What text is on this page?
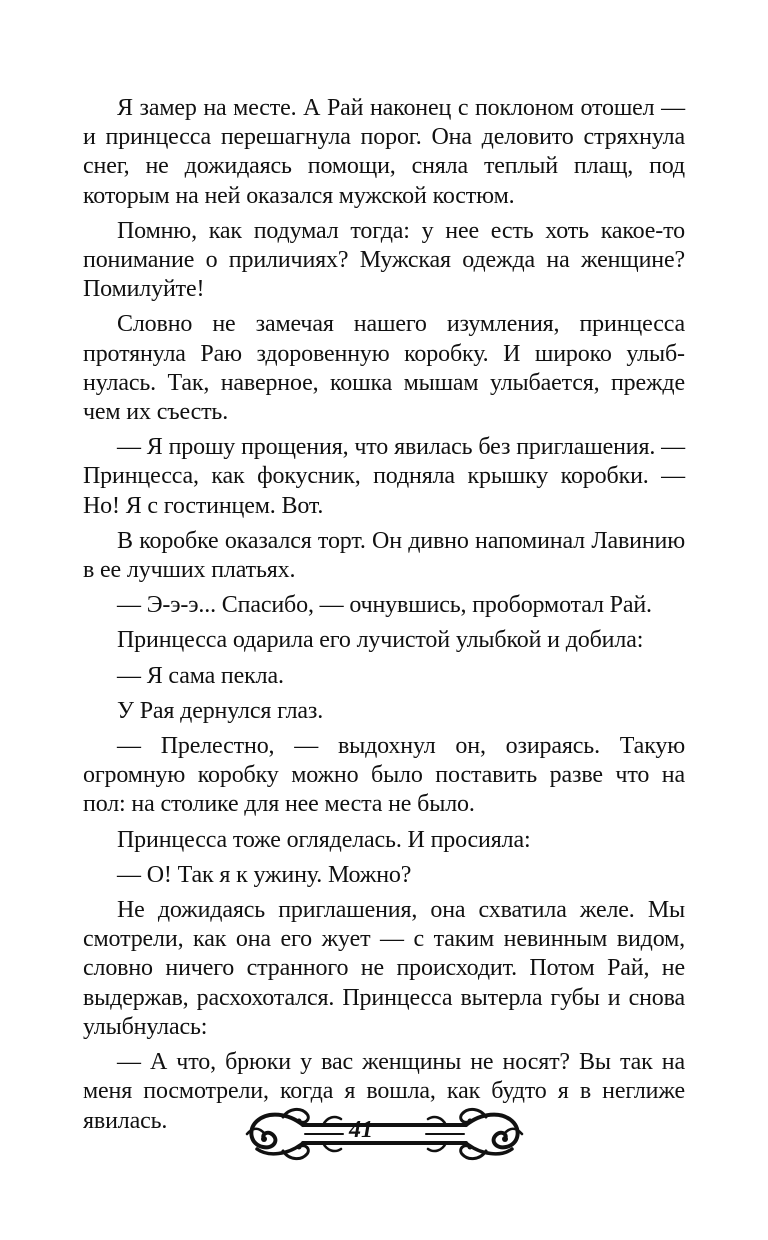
Я замер на месте. А Рай наконец с поклоном отошел — и принцесса перешагнула порог. Она деловито стряхнула снег, не дожидаясь помощи, сняла теплый плащ, под которым на ней оказался мужской костюм.

Помню, как подумал тогда: у нее есть хоть какое-то понимание о приличиях? Мужская одежда на женщине? Помилуйте!

Словно не замечая нашего изумления, принцесса протянула Раю здоровенную коробку. И широко улыбнулась. Так, наверное, кошка мышам улыбается, прежде чем их съесть.

— Я прошу прощения, что явилась без приглашения. — Принцесса, как фокусник, подняла крышку коробки. — Но! Я с гостинцем. Вот.

В коробке оказался торт. Он дивно напоминал Лавинию в ее лучших платьях.

— Э-э-э... Спасибо, — очнувшись, пробормотал Рай.

Принцесса одарила его лучистой улыбкой и добила:

— Я сама пекла.

У Рая дернулся глаз.

— Прелестно, — выдохнул он, озираясь. Такую огромную коробку можно было поставить разве что на пол: на столике для нее места не было.

Принцесса тоже огляделась. И просияла:

— О! Так я к ужину. Можно?

Не дожидаясь приглашения, она схватила желе. Мы смотрели, как она его жует — с таким невинным видом, словно ничего странного не происходит. Потом Рай, не выдержав, расхохотался. Принцесса вытерла губы и снова улыбнулась:

— А что, брюки у вас женщины не носят? Вы так на меня посмотрели, когда я вошла, как будто я в неглиже явилась.	41
